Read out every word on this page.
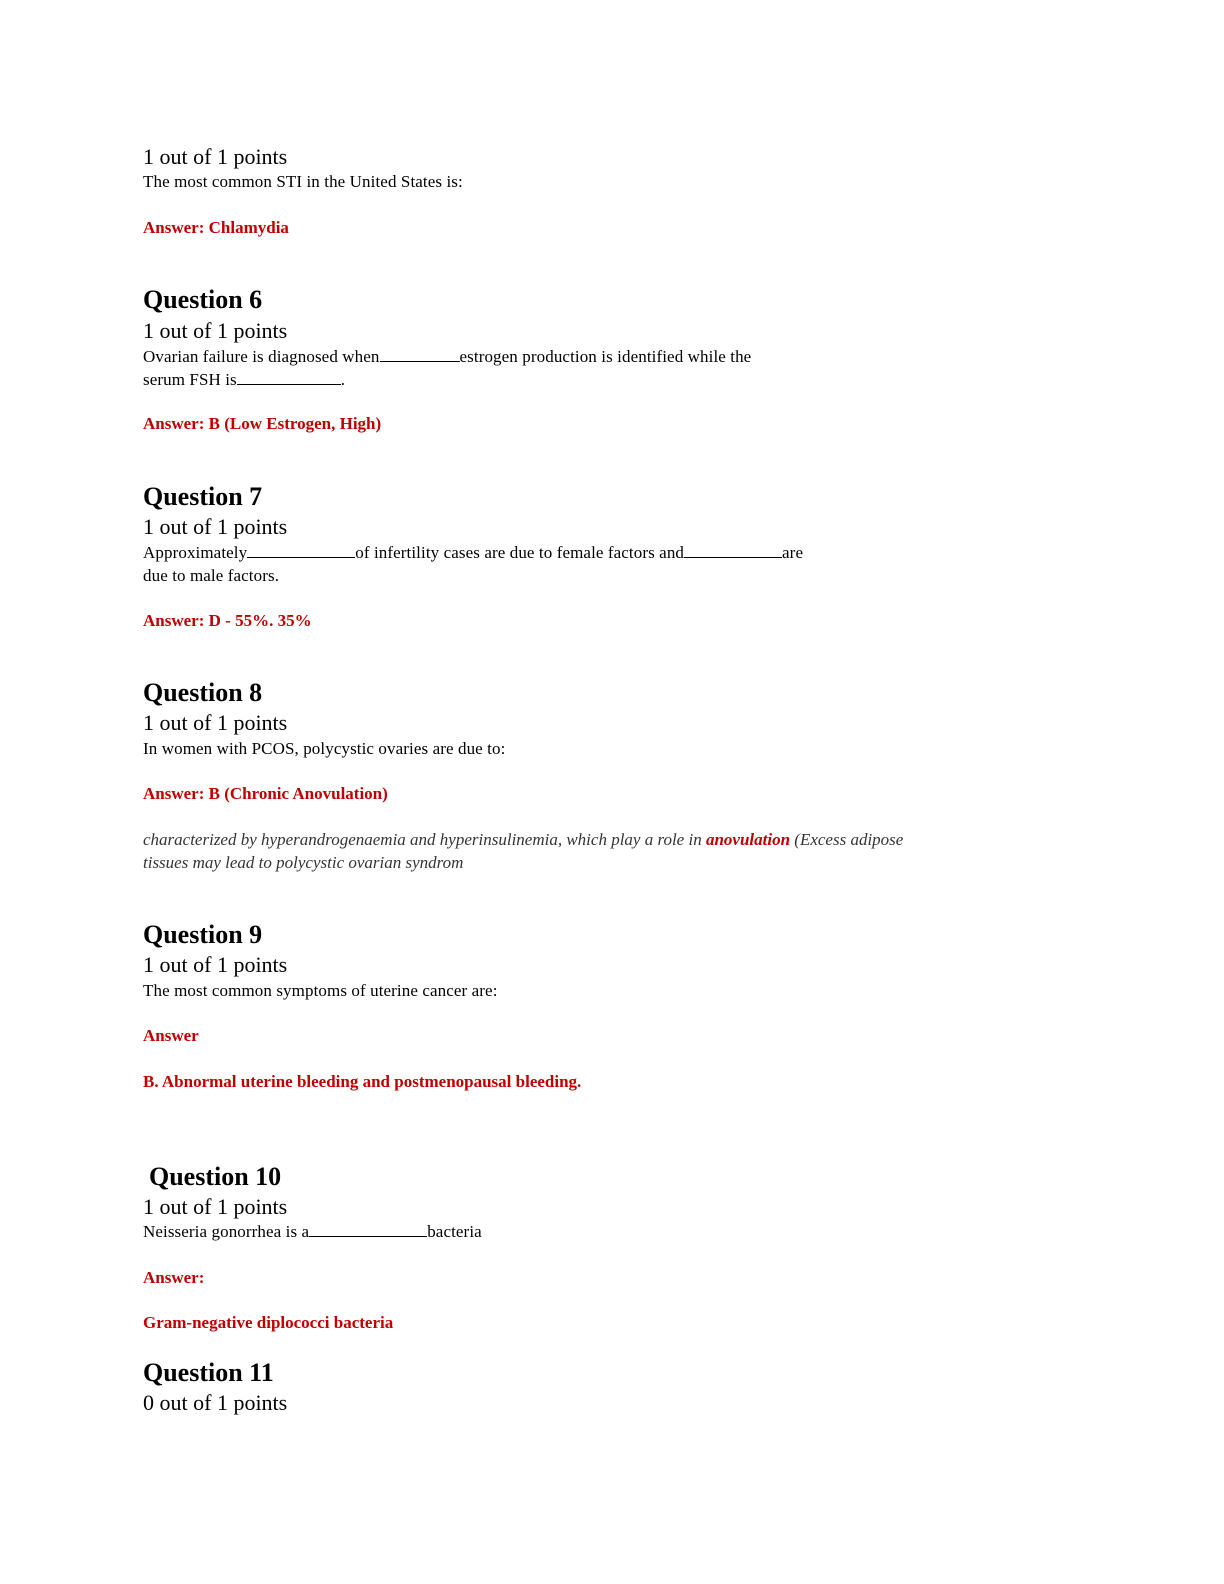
1 out of 1 points
The most common STI in the United States is:
Answer: Chlamydia
Question 6
1 out of 1 points
Ovarian failure is diagnosed when	estrogen production is identified while the
serum FSH is	.
Answer: B (Low Estrogen, High)
Question 7
1 out of 1 points
Approximately	of infertility cases are due to female factors and	are
due to male factors.
Answer: D - 55%. 35%
Question 8
1 out of 1 points
In women with PCOS, polycystic ovaries are due to:
Answer: B (Chronic Anovulation)
characterized by hyperandrogenaemia and hyperinsulinemia, which play a role in anovulation (Excess adipose
tissues may lead to polycystic ovarian syndrom
Question 9
1 out of 1 points
The most common symptoms of uterine cancer are:
Answer
B. Abnormal uterine bleeding and postmenopausal bleeding.
Question 10
1 out of 1 points
Neisseria gonorrhea is a	bacteria
Answer:
Gram-negative diplococci bacteria
Question 11
0 out of 1 points
